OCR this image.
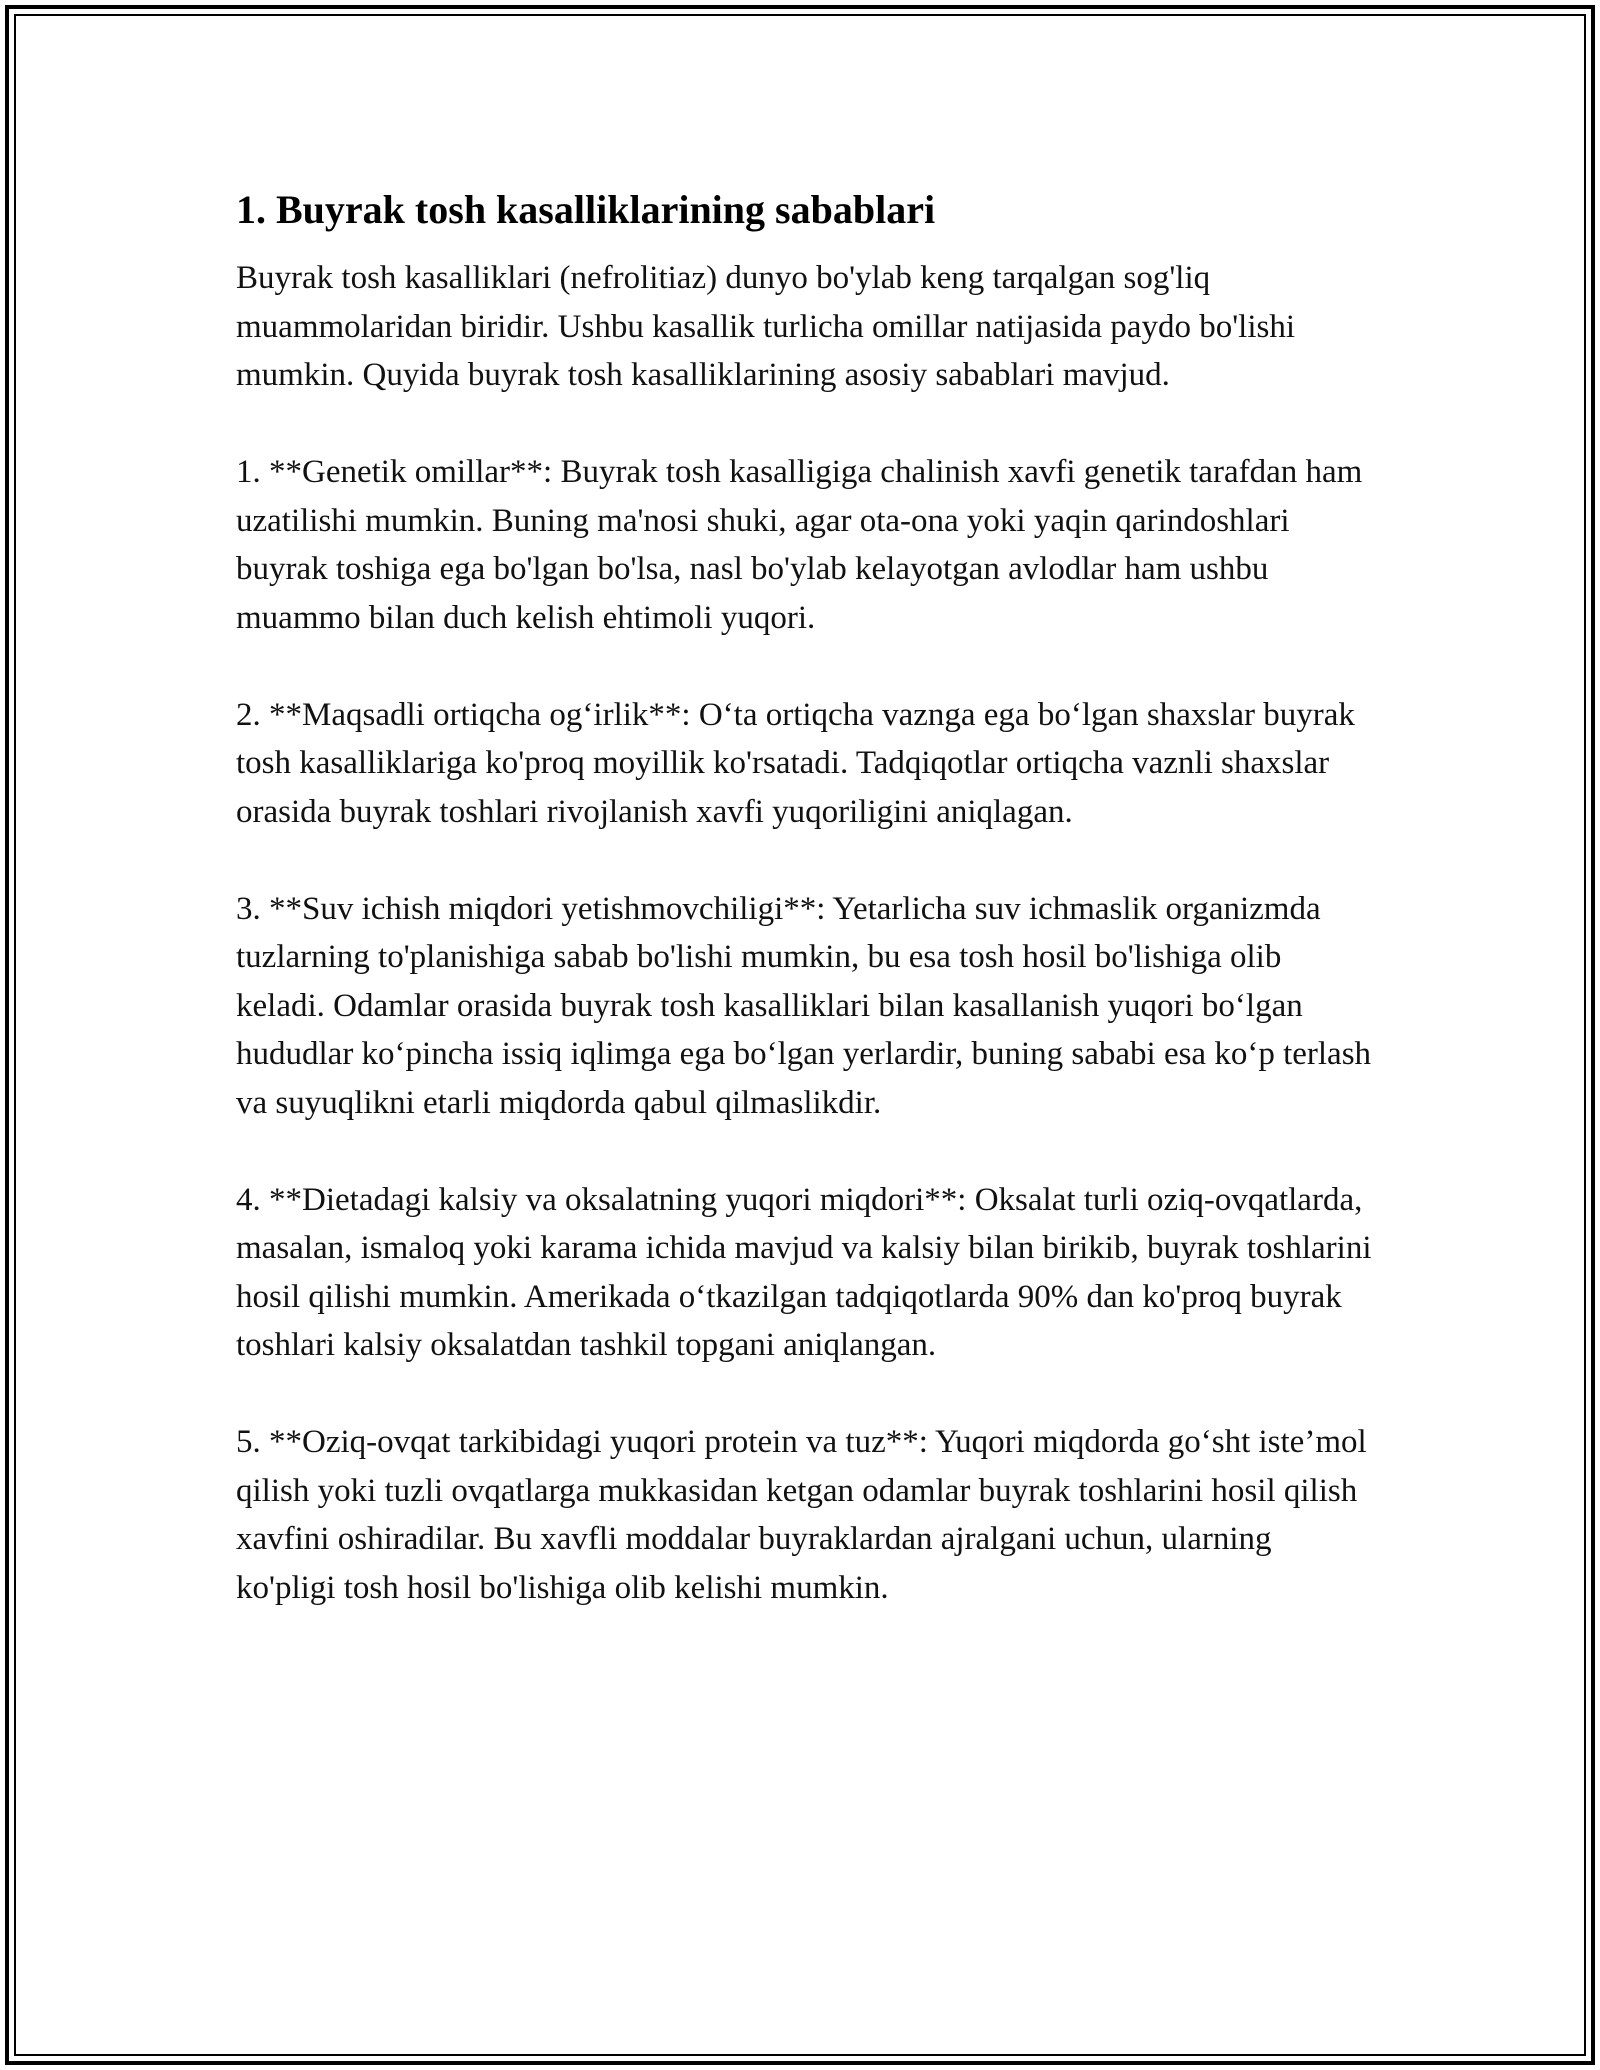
1. Buyrak tosh kasalliklarining sabablari

Buyrak tosh kasalliklari (nefrolitiaz) dunyo bo'ylab keng tarqalgan sog'liq muammolaridan biridir. Ushbu kasallik turlicha omillar natijasida paydo bo'lishi mumkin. Quyida buyrak tosh kasalliklarining asosiy sabablari mavjud.

1. **Genetik omillar**: Buyrak tosh kasalligiga chalinish xavfi genetik tarafdan ham uzatilishi mumkin. Buning ma'nosi shuki, agar ota-ona yoki yaqin qarindoshlari buyrak toshiga ega bo'lgan bo'lsa, nasl bo'ylab kelayotgan avlodlar ham ushbu muammo bilan duch kelish ehtimoli yuqori.

2. **Maqsadli ortiqcha og‘irlik**: O‘ta ortiqcha vaznga ega bo‘lgan shaxslar buyrak tosh kasalliklariga ko'proq moyillik ko'rsatadi. Tadqiqotlar ortiqcha vaznli shaxslar orasida buyrak toshlari rivojlanish xavfi yuqoriligini aniqlagan.

3. **Suv ichish miqdori yetishmovchiligi**: Yetarlicha suv ichmaslik organizmda tuzlarning to'planishiga sabab bo'lishi mumkin, bu esa tosh hosil bo'lishiga olib keladi. Odamlar orasida buyrak tosh kasalliklari bilan kasallanish yuqori bo‘lgan hududlar ko‘pincha issiq iqlimga ega bo‘lgan yerlardir, buning sababi esa ko‘p terlash va suyuqlikni etarli miqdorda qabul qilmaslikdir.

4. **Dietadagi kalsiy va oksalatning yuqori miqdori**: Oksalat turli oziq-ovqatlarda, masalan, ismaloq yoki karama ichida mavjud va kalsiy bilan birikib, buyrak toshlarini hosil qilishi mumkin. Amerikada o‘tkazilgan tadqiqotlarda 90% dan ko'proq buyrak toshlari kalsiy oksalatdan tashkil topgani aniqlangan.

5. **Oziq-ovqat tarkibidagi yuqori protein va tuz**: Yuqori miqdorda go‘sht iste’mol qilish yoki tuzli ovqatlarga mukkasidan ketgan odamlar buyrak toshlarini hosil qilish xavfini oshiradilar. Bu xavfli moddalar buyraklardan ajralgani uchun, ularning ko'pligi tosh hosil bo'lishiga olib kelishi mumkin.
